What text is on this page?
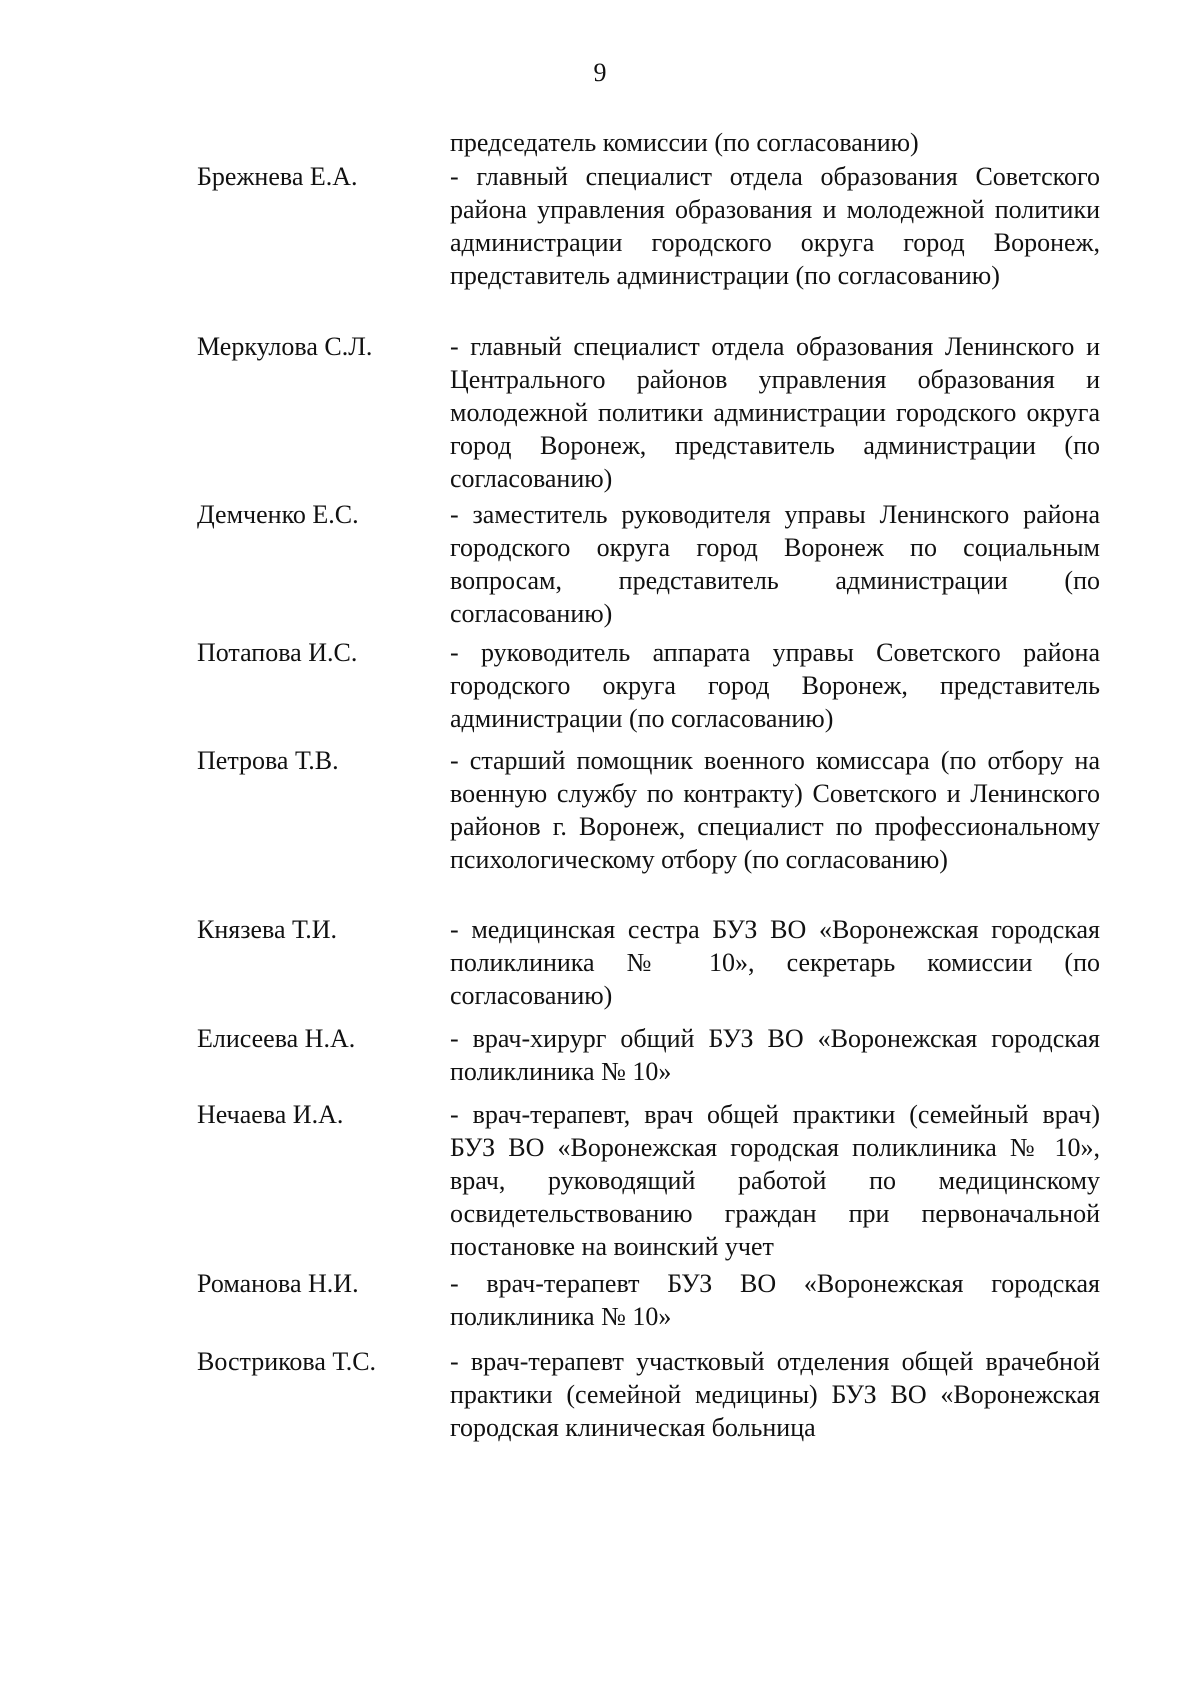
9
председатель комиссии (по согласованию)
Брежнева Е.А.	- главный специалист отдела образования Советского района управления образования и молодежной политики администрации городского округа город Воронеж, представитель администрации (по согласованию)
Меркулова С.Л.	- главный специалист отдела образования Ленинского и Центрального районов управления образования и молодежной политики администрации городского округа город Воронеж, представитель администрации (по согласованию)
Демченко Е.С.	- заместитель руководителя управы Ленинского района городского округа город Воронеж по социальным вопросам, представитель администрации (по согласованию)
Потапова И.С.	- руководитель аппарата управы Советского района городского округа город Воронеж, представитель администрации (по согласованию)
Петрова Т.В.	- старший помощник военного комиссара (по отбору на военную службу по контракту) Советского и Ленинского районов г. Воронеж, специалист по профессиональному психологическому отбору (по согласованию)
Князева Т.И.	- медицинская сестра БУЗ ВО «Воронежская городская поликлиника № 10», секретарь комиссии (по согласованию)
Елисеева Н.А.	- врач-хирург общий БУЗ ВО «Воронежская городская поликлиника № 10»
Нечаева И.А.	- врач-терапевт, врач общей практики (семейный врач) БУЗ ВО «Воронежская городская поликлиника № 10», врач, руководящий работой по медицинскому освидетельствованию граждан при первоначальной постановке на воинский учет
Романова Н.И.	- врач-терапевт БУЗ ВО «Воронежская городская поликлиника № 10»
Вострикова Т.С.	- врач-терапевт участковый отделения общей врачебной практики (семейной медицины) БУЗ ВО «Воронежская городская клиническая больница
